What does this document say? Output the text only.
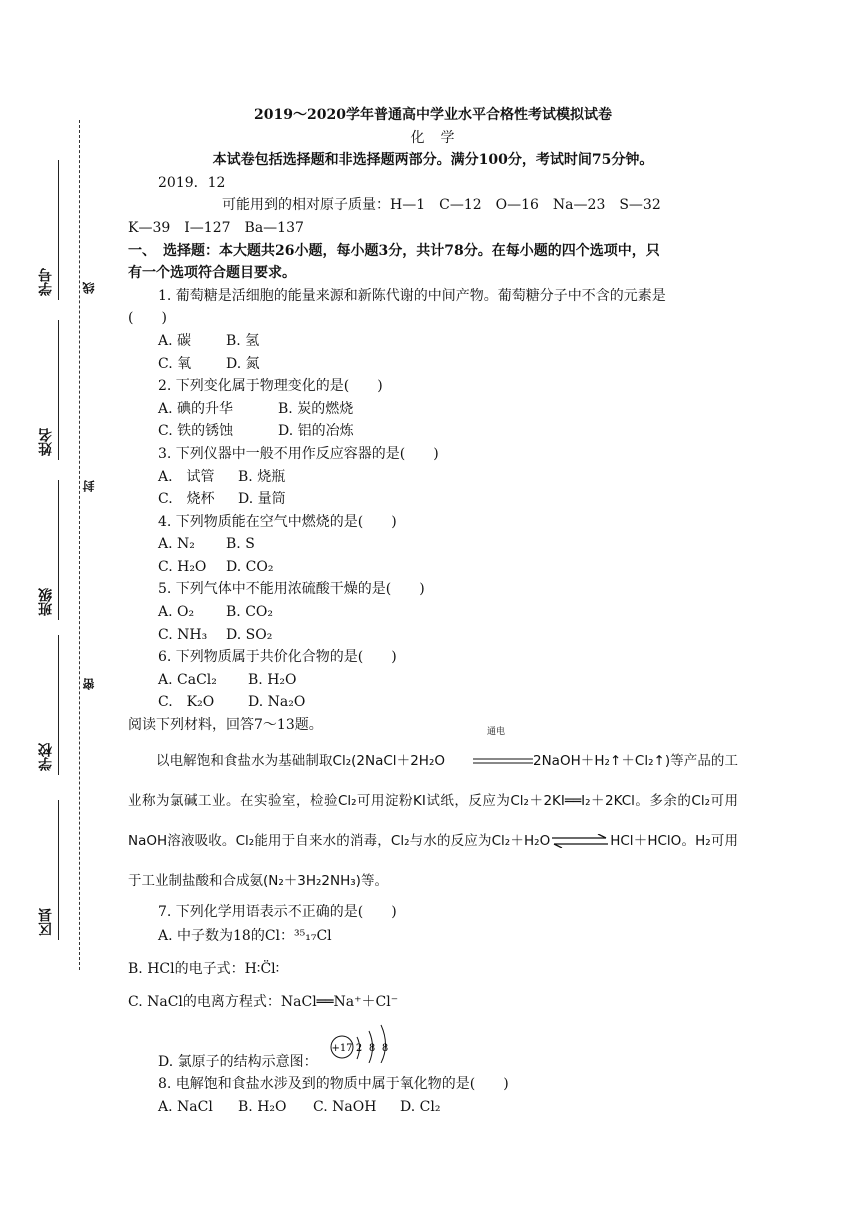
学号
姓名
班级
学校
区县
线
封
密
2019～2020学年普通高中学业水平合格性考试模拟试卷
化　学
本试卷包括选择题和非选择题两部分。满分100分，考试时间75分钟。
2019．12
可能用到的相对原子质量：H—1　C—12　O—16　Na—23　S—32
K—39　I—127　Ba—137
一、　选择题：本大题共26小题，每小题3分，共计78分。在每小题的四个选项中，只
有一个选项符合题目要求。
1. 葡萄糖是活细胞的能量来源和新陈代谢的中间产物。葡萄糖分子中不含的元素是
(　　)
A. 碳	B. 氢
C. 氧	D. 氮
2. 下列变化属于物理变化的是(　　)
A. 碘的升华	B. 炭的燃烧
C. 铁的锈蚀	D. 铝的冶炼
3. 下列仪器中一般不用作反应容器的是(　　)
A.　试管	B. 烧瓶
C.　烧杯	D. 量筒
4. 下列物质能在空气中燃烧的是(　　)
A. N₂	B. S
C. H₂O	D. CO₂
5. 下列气体中不能用浓硫酸干燥的是(　　)
A. O₂	B. CO₂
C. NH₃	D. SO₂
6. 下列物质属于共价化合物的是(　　)
A. CaCl₂	B. H₂O
C.　K₂O	D. Na₂O
阅读下列材料，回答7～13题。
以电解饱和食盐水为基础制取Cl₂(2NaCl＋2H₂O
通电
2NaOH＋H₂↑＋Cl₂↑)等产品的工业称为氯碱工业。在实验室，检验Cl₂可用淀粉KI试纸，反应为Cl₂＋2KI══I₂＋2KCl。多余的Cl₂可用NaOH溶液吸收。Cl₂能用于自来水的消毒，Cl₂与水的反应为Cl₂＋H₂O	HCl＋HClO。H₂可用于工业制盐酸和合成氨(N₂＋3H₂2NH₃)等。
7. 下列化学用语表示不正确的是(　　)
A. 中子数为18的Cl：³⁵₁₇Cl
B. HCl的电子式：H∶C̈l∶
C. NaCl的电离方程式：NaCl══Na⁺＋Cl⁻
D. 氯原子的结构示意图：
+17 2 8 8
8. 电解饱和食盐水涉及到的物质中属于氧化物的是(　　)
A. NaCl	B. H₂O	C. NaOH	D. Cl₂
